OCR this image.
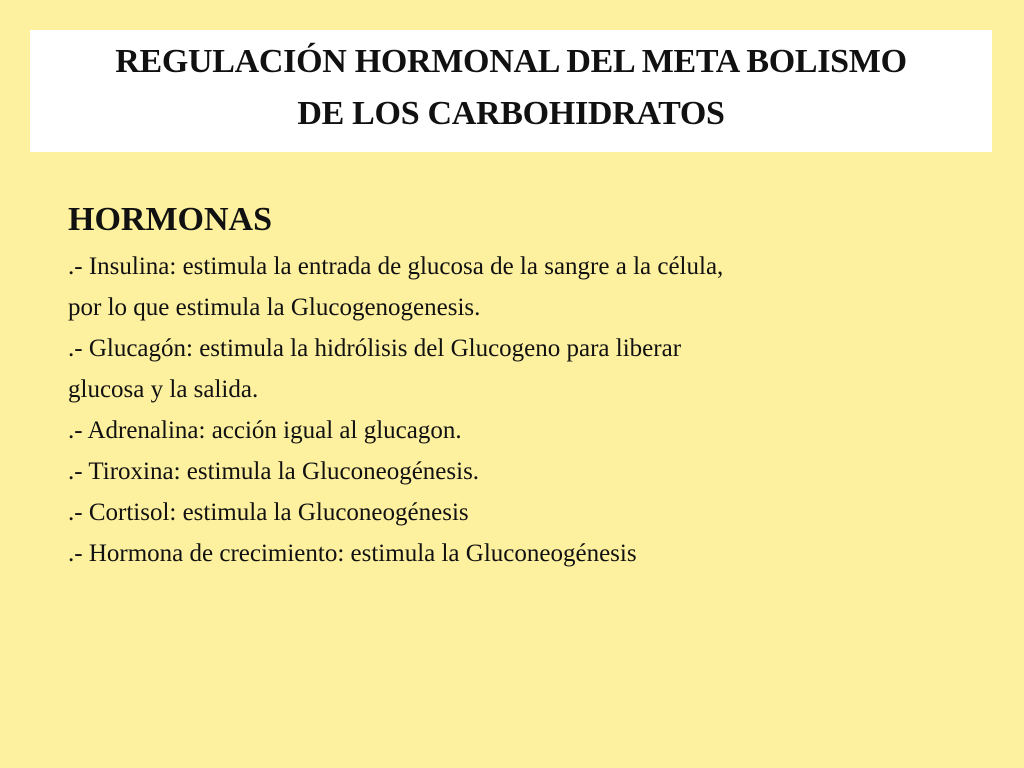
REGULACIÓN HORMONAL DEL META BOLISMO
DE LOS CARBOHIDRATOS
HORMONAS
.- Insulina: estimula la entrada de glucosa de la sangre a la célula,
por lo que estimula la Glucogenogenesis.
.- Glucagón: estimula la hidrólisis del Glucogeno para liberar
glucosa y la salida.
.- Adrenalina: acción igual al glucagon.
.- Tiroxina: estimula la Gluconeogénesis.
.- Cortisol: estimula la Gluconeogénesis
.- Hormona de crecimiento: estimula la Gluconeogénesis
